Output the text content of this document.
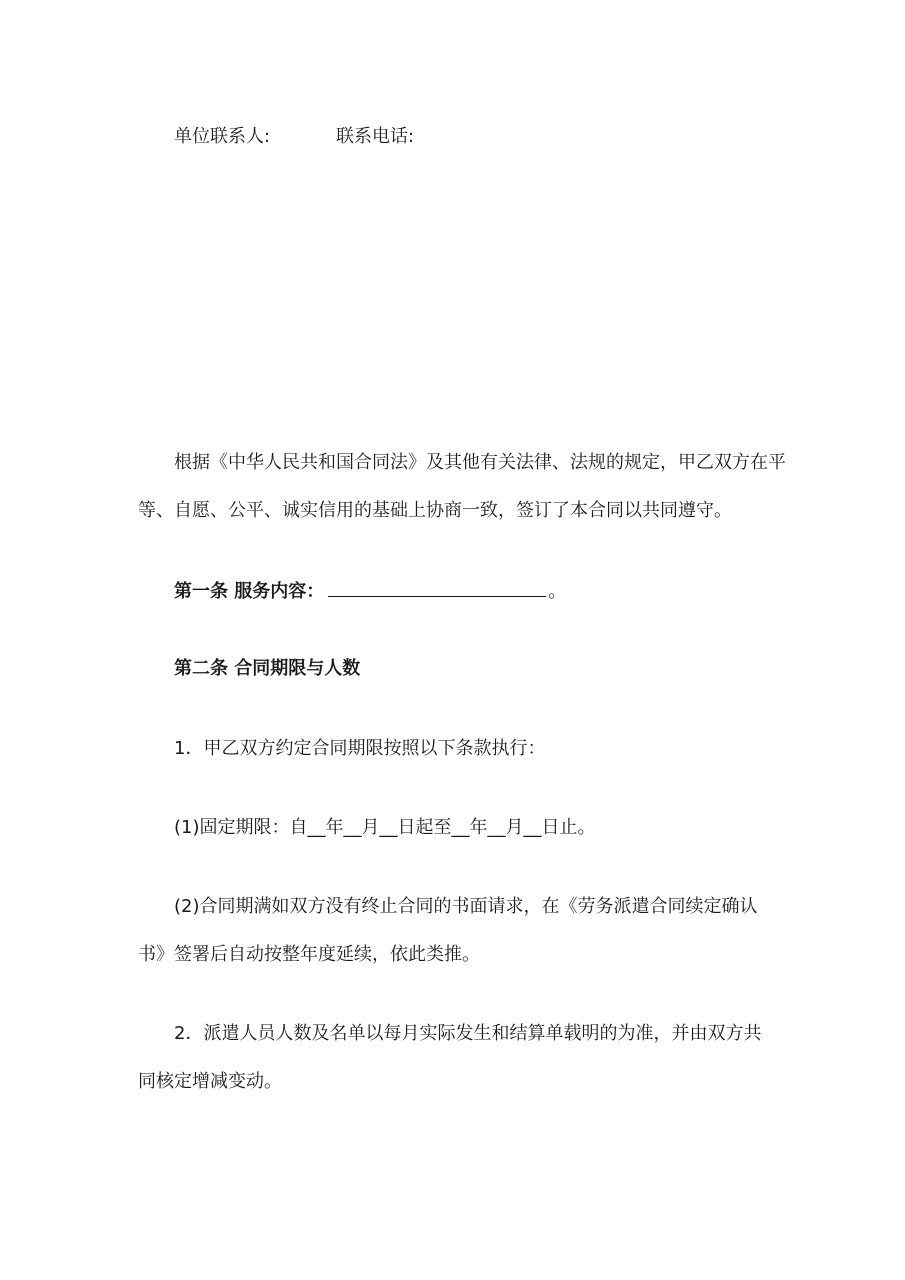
单位联系人:	联系电话:
根据《中华人民共和国合同法》及其他有关法律、法规的规定，甲乙双方在平
等、自愿、公平、诚实信用的基础上协商一致，签订了本合同以共同遵守。
第一条 服务内容：	。
第二条 合同期限与人数
1．甲乙双方约定合同期限按照以下条款执行：
(1)固定期限：自__年__月__日起至__年__月__日止。
(2)合同期满如双方没有终止合同的书面请求，在《劳务派遣合同续定确认
书》签署后自动按整年度延续，依此类推。
2．派遣人员人数及名单以每月实际发生和结算单载明的为准，并由双方共
同核定增减变动。
